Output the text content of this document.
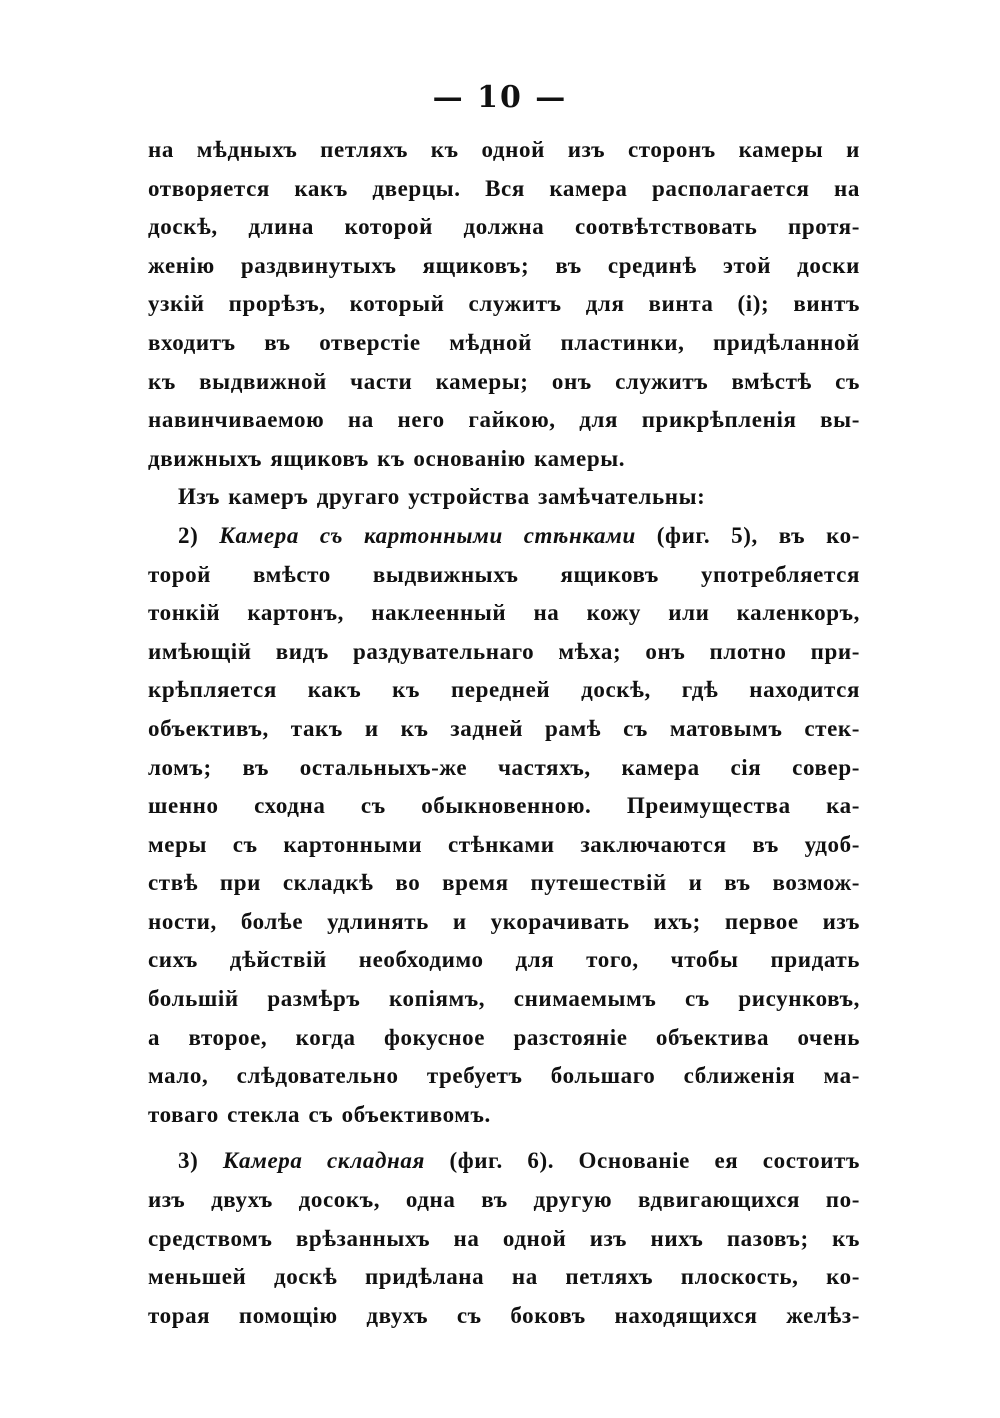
— 10 —
на мѣдныхъ петляхъ къ одной изъ сторонъ камеры и
отворяется какъ дверцы. Вся камера располагается на
доскѣ, длина которой должна соотвѣтствовать протя-
женію раздвинутыхъ ящиковъ; въ срединѣ этой доски
узкій прорѣзъ, который служитъ для винта (i); винтъ
входитъ въ отверстіе мѣдной пластинки, придѣланной
къ выдвижной части камеры; онъ служитъ вмѣстѣ съ
навинчиваемою на него гайкою, для прикрѣпленія вы-
движныхъ ящиковъ къ основанію камеры.
Изъ камеръ другаго устройства замѣчательны:
2) Камера съ картонными стѣнками (фиг. 5), въ ко-
торой вмѣсто выдвижныхъ ящиковъ употребляется
тонкій картонъ, наклеенный на кожу или каленкоръ,
имѣющій видъ раздувательнаго мѣха; онъ плотно при-
крѣпляется какъ къ передней доскѣ, гдѣ находится
объективъ, такъ и къ задней рамѣ съ матовымъ стек-
ломъ; въ остальныхъ-же частяхъ, камера сія совер-
шенно сходна съ обыкновенною. Преимущества ка-
меры съ картонными стѣнками заключаются въ удоб-
ствѣ при складкѣ во время путешествій и въ возмож-
ности, болѣе удлинять и укорачивать ихъ; первое изъ
сихъ дѣйствій необходимо для того, чтобы придать
большій размѣръ копіямъ, снимаемымъ съ рисунковъ,
а второе, когда фокусное разстояніе объектива очень
мало, слѣдовательно требуетъ большаго сближенія ма-
товаго стекла съ объективомъ.
3) Камера складная (фиг. 6). Основаніе ея состоитъ
изъ двухъ досокъ, одна въ другую вдвигающихся по-
средствомъ врѣзанныхъ на одной изъ нихъ пазовъ; къ
меньшей доскѣ придѣлана на петляхъ плоскость, ко-
торая помощію двухъ съ боковъ находящихся желѣз-
